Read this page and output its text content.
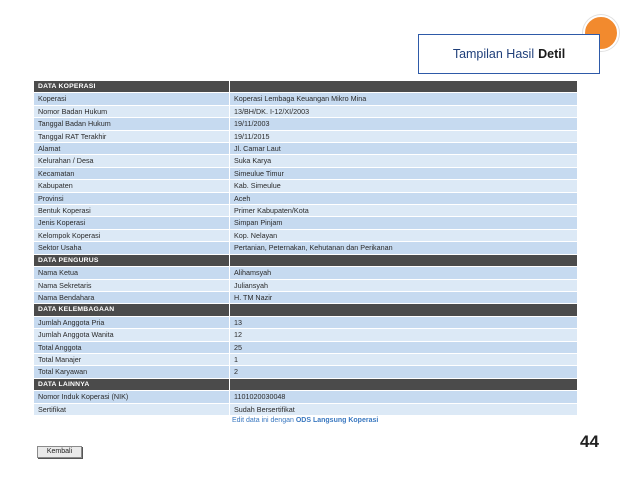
Tampilan Hasil Detil
DATA KOPERASI	
Koperasi	Koperasi Lembaga Keuangan Mikro Mina
Nomor Badan Hukum	13/BH/DK. I-12/XI/2003
Tanggal Badan Hukum	19/11/2003
Tanggal RAT Terakhir	19/11/2015
Alamat	Jl. Camar Laut
Kelurahan / Desa	Suka Karya
Kecamatan	Simeulue Timur
Kabupaten	Kab. Simeulue
Provinsi	Aceh
Bentuk Koperasi	Primer Kabupaten/Kota
Jenis Koperasi	Simpan Pinjam
Kelompok Koperasi	Kop. Nelayan
Sektor Usaha	Pertanian, Peternakan, Kehutanan dan Perikanan
DATA PENGURUS	
Nama Ketua	Alihamsyah
Nama Sekretaris	Juliansyah
Nama Bendahara	H. TM Nazir
DATA KELEMBAGAAN	
Jumlah Anggota Pria	13
Jumlah Anggota Wanita	12
Total Anggota	25
Total Manajer	1
Total Karyawan	2
DATA LAINNYA	
Nomor Induk Koperasi (NIK)	1101020030048
Sertifikat	Sudah Bersertifikat
Edit data ini dengan ODS Langsung Koperasi
44
Kembali
